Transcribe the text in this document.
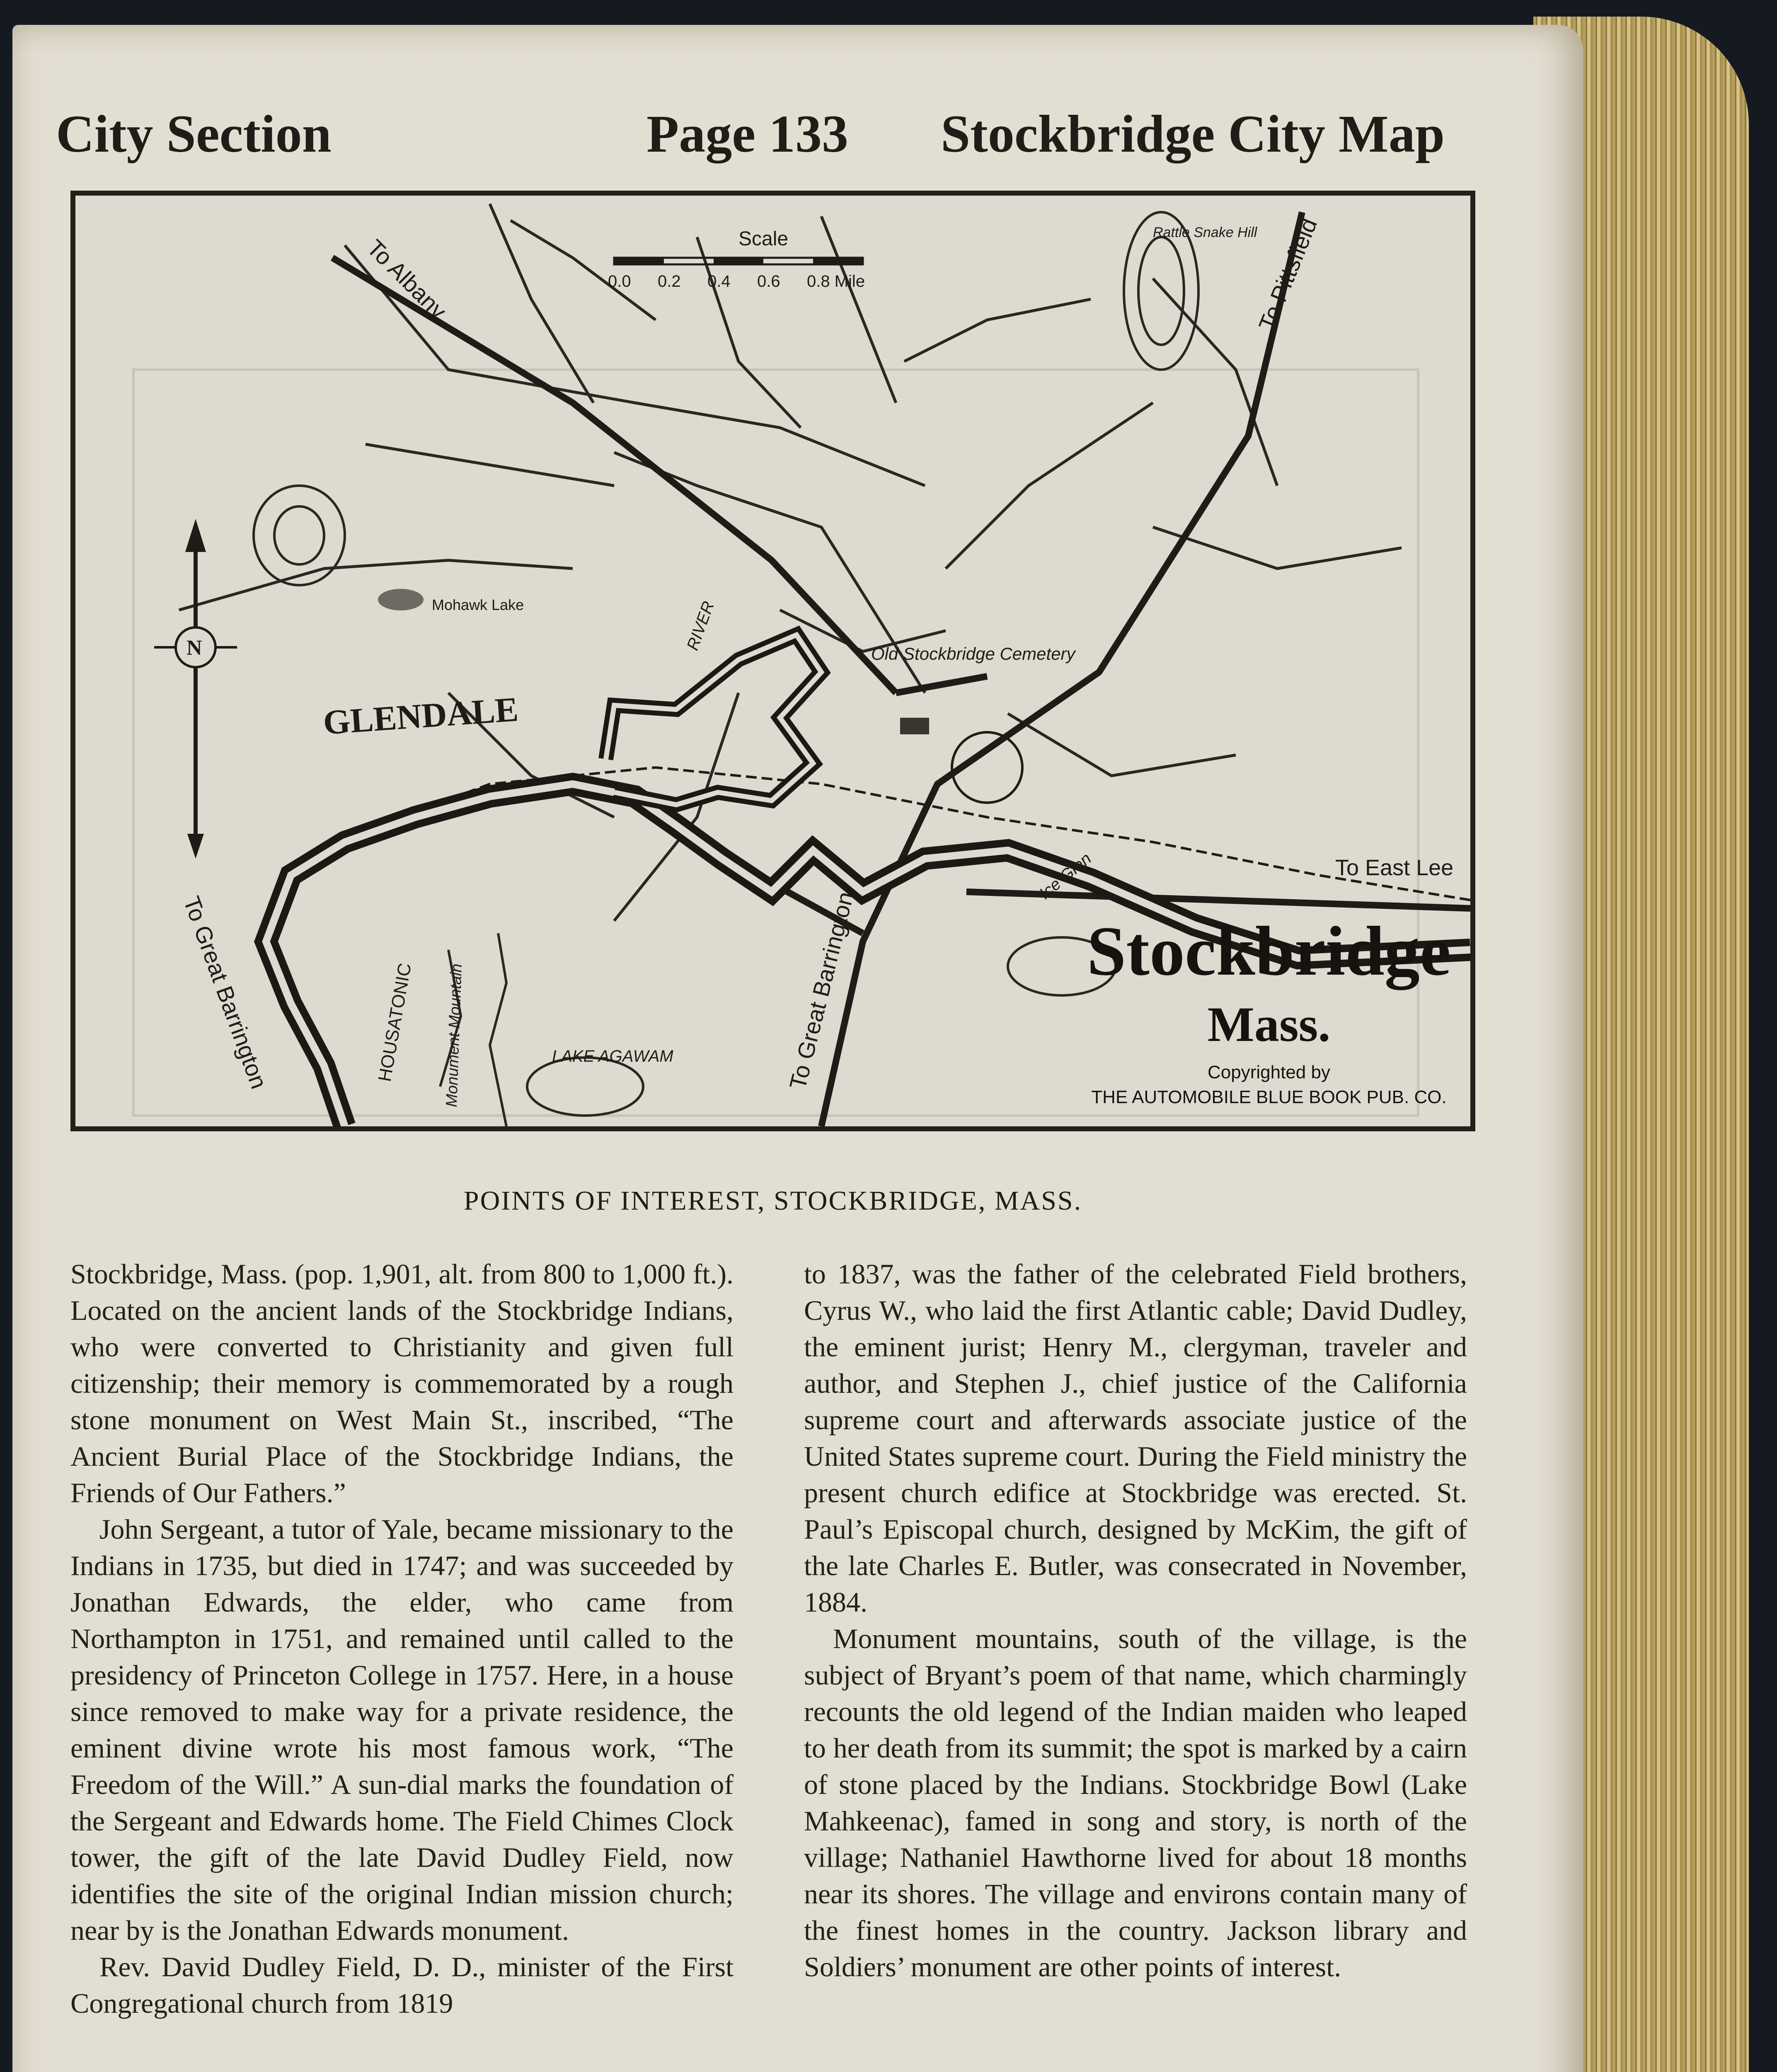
City Section	Page 133 Stockbridge City Map
Scale
0.0 0.2 0.4 0.6 0.8 Mile
N
To Albany	To Pittsfield
Rattle Snake Hill
Mohawk Lake
GLENDALE
RIVER
Old Stockbridge Cemetery
To East Lee
Ice Glen
To Great Barrington	To Great Barrington
HOUSATONIC Monument Mountain	LAKE AGAWAM
Stockbridge
Mass.
Copyrighted by
THE AUTOMOBILE BLUE BOOK PUB. CO.
POINTS OF INTEREST, STOCKBRIDGE, MASS.

Stockbridge, Mass. (pop. 1,901, alt. from 800 to 1,000 ft.). Located on the ancient lands of the Stockbridge Indians, who were converted to Christianity and given full citizenship; their memory is commemorated by a rough stone monument on West Main St., inscribed, “The Ancient Burial Place of the Stockbridge Indians, the Friends of Our Fathers.”

John Sergeant, a tutor of Yale, became missionary to the Indians in 1735, but died in 1747; and was succeeded by Jonathan Edwards, the elder, who came from Northampton in 1751, and remained until called to the presidency of Princeton College in 1757. Here, in a house since removed to make way for a private residence, the eminent divine wrote his most famous work, “The Freedom of the Will.” A sun-dial marks the foundation of the Sergeant and Edwards home. The Field Chimes Clock tower, the gift of the late David Dudley Field, now identifies the site of the original Indian mission church; near by is the Jonathan Edwards monument.

Rev. David Dudley Field, D. D., minister of the First Congregational church from 1819

to 1837, was the father of the celebrated Field brothers, Cyrus W., who laid the first Atlantic cable; David Dudley, the eminent jurist; Henry M., clergyman, traveler and author, and Stephen J., chief justice of the California supreme court and afterwards associate justice of the United States supreme court. During the Field ministry the present church edifice at Stockbridge was erected. St. Paul’s Episcopal church, designed by McKim, the gift of the late Charles E. Butler, was consecrated in November, 1884.

Monument mountains, south of the village, is the subject of Bryant’s poem of that name, which charmingly recounts the old legend of the Indian maiden who leaped to her death from its summit; the spot is marked by a cairn of stone placed by the Indians. Stockbridge Bowl (Lake Mahkeenac), famed in song and story, is north of the village; Nathaniel Hawthorne lived for about 18 months near its shores. The village and environs contain many of the finest homes in the country. Jackson library and Soldiers’ monument are other points of interest.
